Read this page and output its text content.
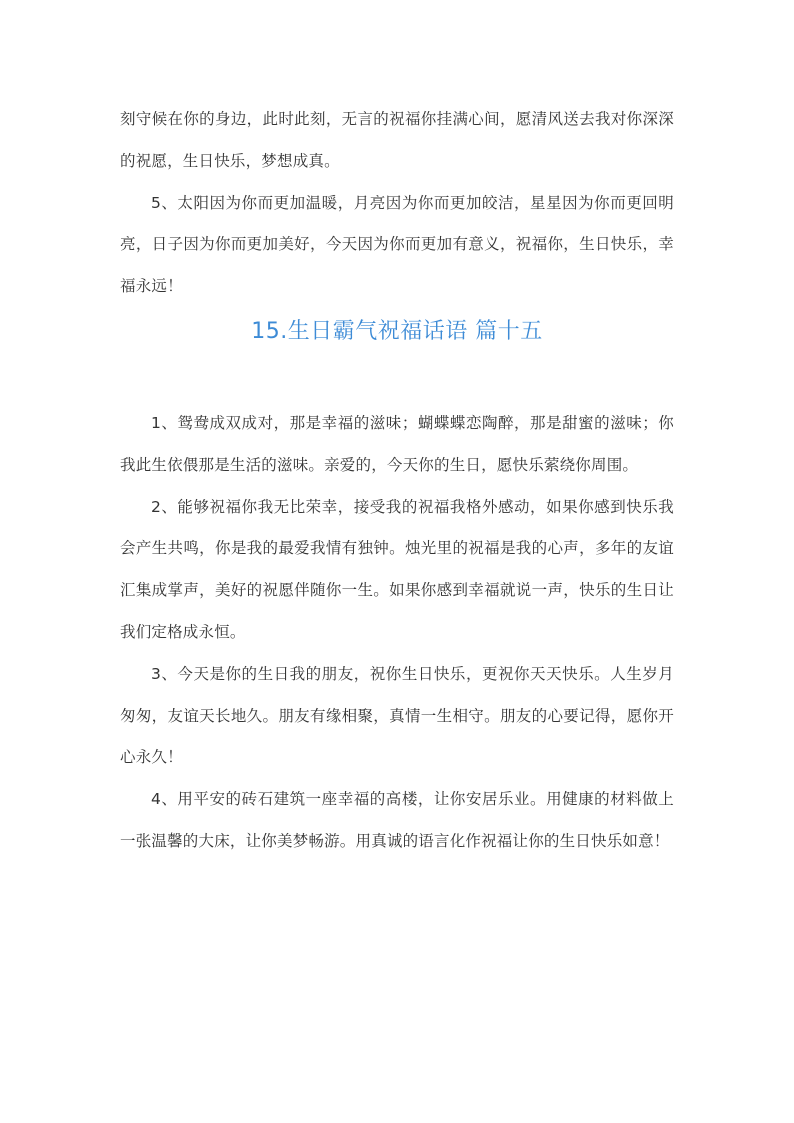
刻守候在你的身边，此时此刻，无言的祝福你挂满心间，愿清风送去我对你深深的祝愿，生日快乐，梦想成真。

5、太阳因为你而更加温暖，月亮因为你而更加皎洁，星星因为你而更回明亮，日子因为你而更加美好，今天因为你而更加有意义，祝福你，生日快乐，幸福永远！

15.生日霸气祝福话语 篇十五

1、鸳鸯成双成对，那是幸福的滋味；蝴蝶蝶恋陶醉，那是甜蜜的滋味；你我此生依偎那是生活的滋味。亲爱的，今天你的生日，愿快乐萦绕你周围。

2、能够祝福你我无比荣幸，接受我的祝福我格外感动，如果你感到快乐我会产生共鸣，你是我的最爱我情有独钟。烛光里的祝福是我的心声，多年的友谊汇集成掌声，美好的祝愿伴随你一生。如果你感到幸福就说一声，快乐的生日让我们定格成永恒。

3、今天是你的生日我的朋友，祝你生日快乐，更祝你天天快乐。人生岁月匆匆，友谊天长地久。朋友有缘相聚，真情一生相守。朋友的心要记得，愿你开心永久！

4、用平安的砖石建筑一座幸福的高楼，让你安居乐业。用健康的材料做上一张温馨的大床，让你美梦畅游。用真诚的语言化作祝福让你的生日快乐如意！
